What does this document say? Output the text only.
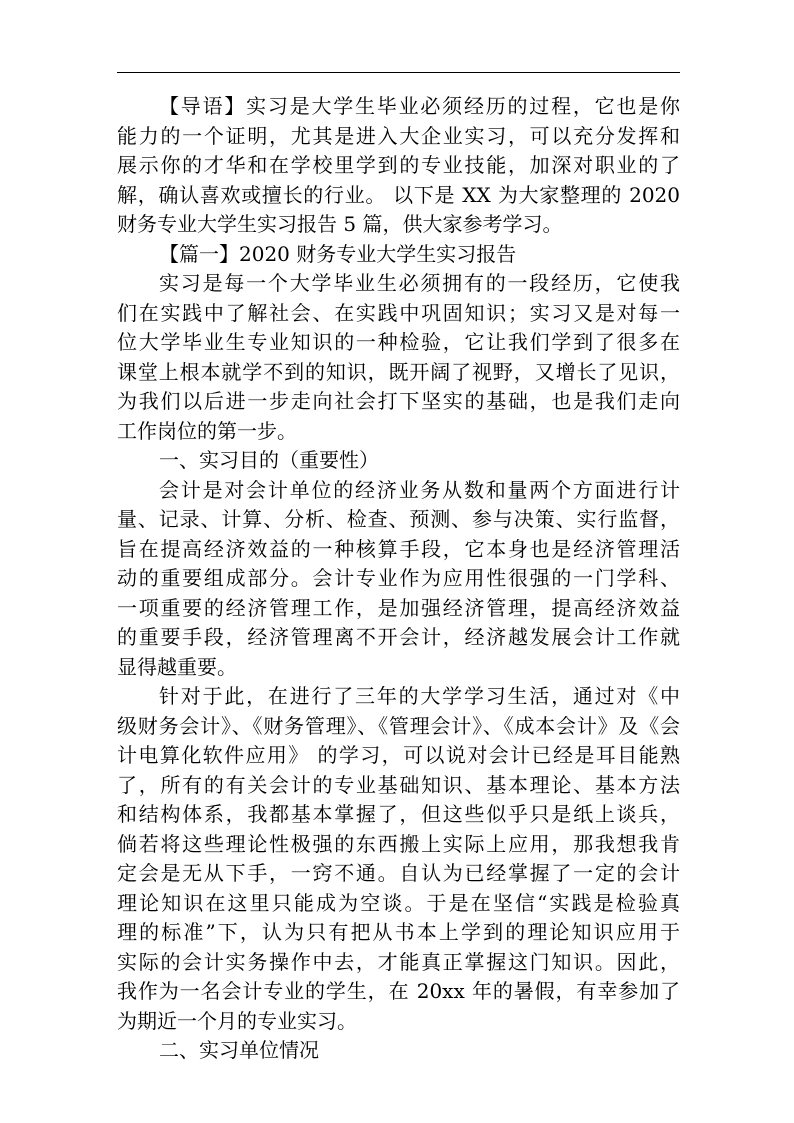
【导语】实习是大学生毕业必须经历的过程，它也是你
能力的一个证明，尤其是进入大企业实习，可以充分发挥和
展示你的才华和在学校里学到的专业技能，加深对职业的了
解，确认喜欢或擅长的行业。 以下是 XX 为大家整理的 2020
财务专业大学生实习报告 5 篇，供大家参考学习。
【篇一】2020 财务专业大学生实习报告
实习是每一个大学毕业生必须拥有的一段经历，它使我
们在实践中了解社会、在实践中巩固知识；实习又是对每一
位大学毕业生专业知识的一种检验，它让我们学到了很多在
课堂上根本就学不到的知识，既开阔了视野，又增长了见识，
为我们以后进一步走向社会打下坚实的基础，也是我们走向
工作岗位的第一步。
一、实习目的（重要性）
会计是对会计单位的经济业务从数和量两个方面进行计
量、记录、计算、分析、检查、预测、参与决策、实行监督，
旨在提高经济效益的一种核算手段，它本身也是经济管理活
动的重要组成部分。会计专业作为应用性很强的一门学科、
一项重要的经济管理工作，是加强经济管理，提高经济效益
的重要手段，经济管理离不开会计，经济越发展会计工作就
显得越重要。
针对于此，在进行了三年的大学学习生活，通过对《中
级财务会计》、《财务管理》、《管理会计》、《成本会计》及《会
计电算化软件应用》 的学习，可以说对会计已经是耳目能熟
了，所有的有关会计的专业基础知识、基本理论、基本方法
和结构体系，我都基本掌握了，但这些似乎只是纸上谈兵，
倘若将这些理论性极强的东西搬上实际上应用，那我想我肯
定会是无从下手，一窍不通。自认为已经掌握了一定的会计
理论知识在这里只能成为空谈。于是在坚信“实践是检验真
理的标准”下，认为只有把从书本上学到的理论知识应用于
实际的会计实务操作中去，才能真正掌握这门知识。因此，
我作为一名会计专业的学生，在 20xx 年的暑假，有幸参加了
为期近一个月的专业实习。
二、实习单位情况
